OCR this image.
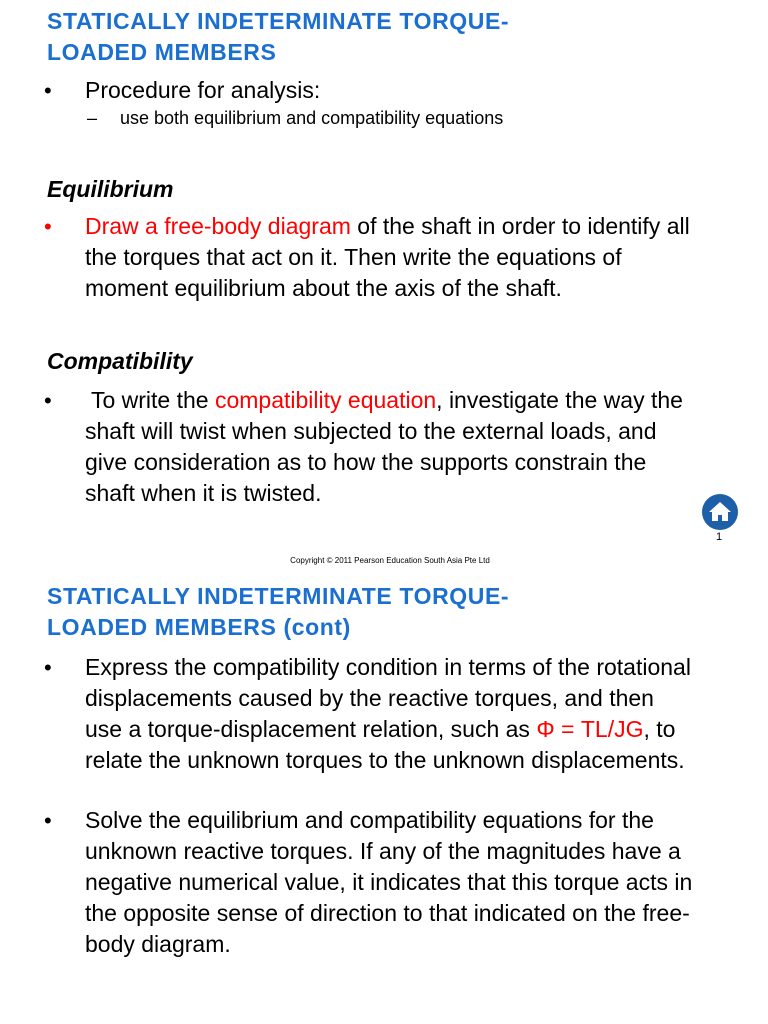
STATICALLY INDETERMINATE TORQUE-
LOADED MEMBERS
• Procedure for analysis:
– use both equilibrium and compatibility equations
Equilibrium
• Draw a free-body diagram of the shaft in order to identify all
the torques that act on it. Then write the equations of
moment equilibrium about the axis of the shaft.
Compatibility
• To write the compatibility equation, investigate the way the
shaft will twist when subjected to the external loads, and
give consideration as to how the supports constrain the
shaft when it is twisted.
1
Copyright © 2011 Pearson Education South Asia Pte Ltd
STATICALLY INDETERMINATE TORQUE-
LOADED MEMBERS (cont)
• Express the compatibility condition in terms of the rotational
displacements caused by the reactive torques, and then
use a torque-displacement relation, such as Φ = TL/JG, to
relate the unknown torques to the unknown displacements.
• Solve the equilibrium and compatibility equations for the
unknown reactive torques. If any of the magnitudes have a
negative numerical value, it indicates that this torque acts in
the opposite sense of direction to that indicated on the free-
body diagram.
